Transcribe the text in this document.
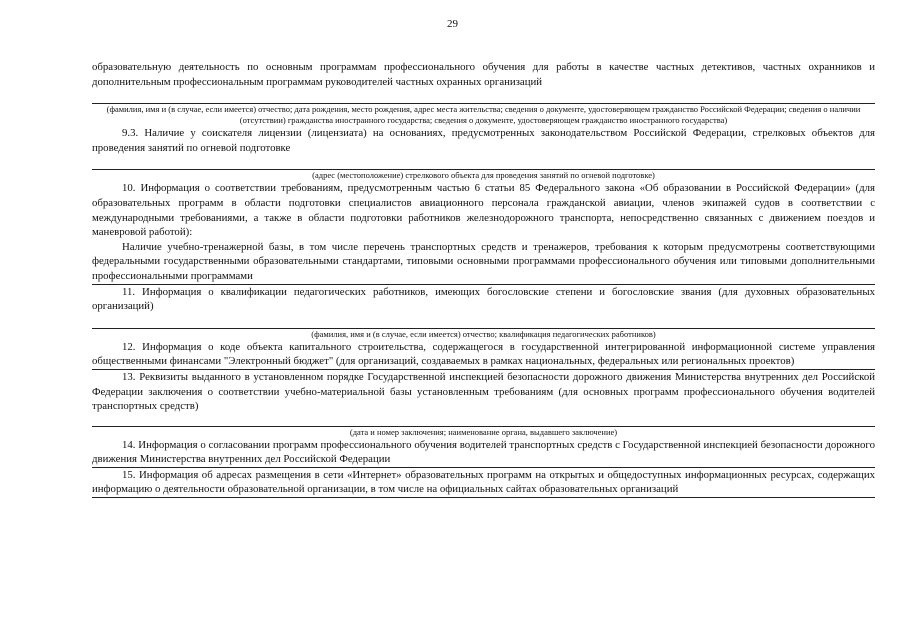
29

образовательную деятельность по основным программам профессионального обучения для работы в качестве частных детективов, частных охранников и дополнительным профессиональным программам руководителей частных охранных организаций

(фамилия, имя и (в случае, если имеется) отчество; дата рождения, место рождения, адрес места жительства; сведения о документе, удостоверяющем гражданство Российской Федерации; сведения о наличии (отсутствии) гражданства иностранного государства; сведения о документе, удостоверяющем гражданство иностранного государства)

9.3. Наличие у соискателя лицензии (лицензиата) на основаниях, предусмотренных законодательством Российской Федерации, стрелковых объектов для проведения занятий по огневой подготовке

(адрес (местоположение) стрелкового объекта для проведения занятий по огневой подготовке)

10. Информация о соответствии требованиям, предусмотренным частью 6 статьи 85 Федерального закона «Об образовании в Российской Федерации» (для образовательных программ в области подготовки специалистов авиационного персонала гражданской авиации, членов экипажей судов в соответствии с международными требованиями, а также в области подготовки работников железнодорожного транспорта, непосредственно связанных с движением поездов и маневровой работой):

Наличие учебно-тренажерной базы, в том числе перечень транспортных средств и тренажеров, требования к которым предусмотрены соответствующими федеральными государственными образовательными стандартами, типовыми основными программами профессионального обучения или типовыми дополнительными профессиональными программами

11. Информация о квалификации педагогических работников, имеющих богословские степени и богословские звания (для духовных образовательных организаций)

(фамилия, имя и (в случае, если имеется) отчество; квалификация педагогических работников)

12. Информация о коде объекта капитального строительства, содержащегося в государственной интегрированной информационной системе управления общественными финансами "Электронный бюджет" (для организаций, создаваемых в рамках национальных, федеральных или региональных проектов)

13. Реквизиты выданного в установленном порядке Государственной инспекцией безопасности дорожного движения Министерства внутренних дел Российской Федерации заключения о соответствии учебно-материальной базы установленным требованиям (для основных программ профессионального обучения водителей транспортных средств)

(дата и номер заключения; наименование органа, выдавшего заключение)

14. Информация о согласовании программ профессионального обучения водителей транспортных средств с Государственной инспекцией безопасности дорожного движения Министерства внутренних дел Российской Федерации

15. Информация об адресах размещения в сети «Интернет» образовательных программ на открытых и общедоступных информационных ресурсах, содержащих информацию о деятельности образовательной организации, в том числе на официальных сайтах образовательных организаций
